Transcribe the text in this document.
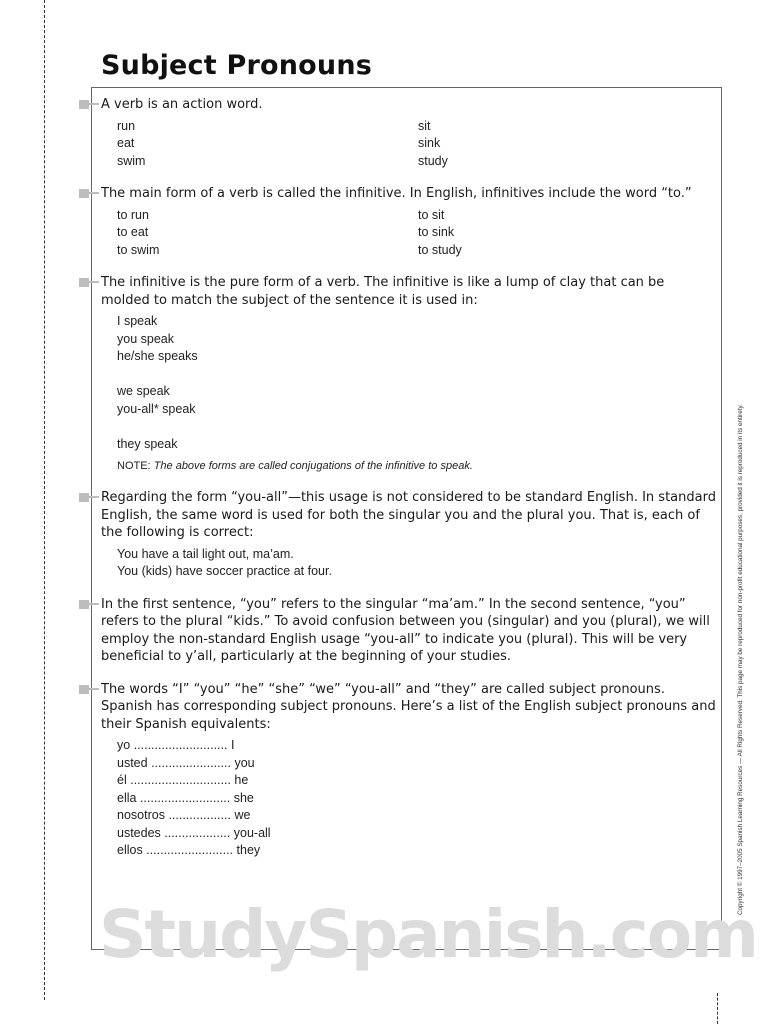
Subject Pronouns

A verb is an action word.

run
eat
swim
sit
sink
study

The main form of a verb is called the infinitive. In English, infinitives include the word “to.”

to run
to eat
to swim
to sit
to sink
to study

The infinitive is the pure form of a verb. The infinitive is like a lump of clay that can be molded to match the subject of the sentence it is used in:

I speak
you speak
he/she speaks
we speak
you-all* speak
they speak
NOTE: The above forms are called conjugations of the infinitive to speak.

Regarding the form “you-all”—this usage is not considered to be standard English. In standard English, the same word is used for both the singular you and the plural you. That is, each of the following is correct:

You have a tail light out, ma’am.
You (kids) have soccer practice at four.

In the first sentence, “you” refers to the singular “ma’am.” In the second sentence, “you” refers to the plural “kids.” To avoid confusion between you (singular) and you (plural), we will employ the non-standard English usage “you-all” to indicate you (plural). This will be very beneficial to y’all, particularly at the beginning of your studies.

The words “I” “you” “he” “she” “we” “you-all” and “they” are called subject pronouns. Spanish has corresponding subject pronouns. Here’s a list of the English subject pronouns and their Spanish equivalents:

yo ........................... I
usted ....................... you
él ............................. he
ella .......................... she
nosotros .................. we
ustedes ................... you-all
ellos ......................... they	Copyright © 1997–2005 Spanish Learning Resources — All Rights Reserved. This page may be reproduced for non-profit educational purposes, provided it is reproduced in its entirety.
StudySpanish.com
